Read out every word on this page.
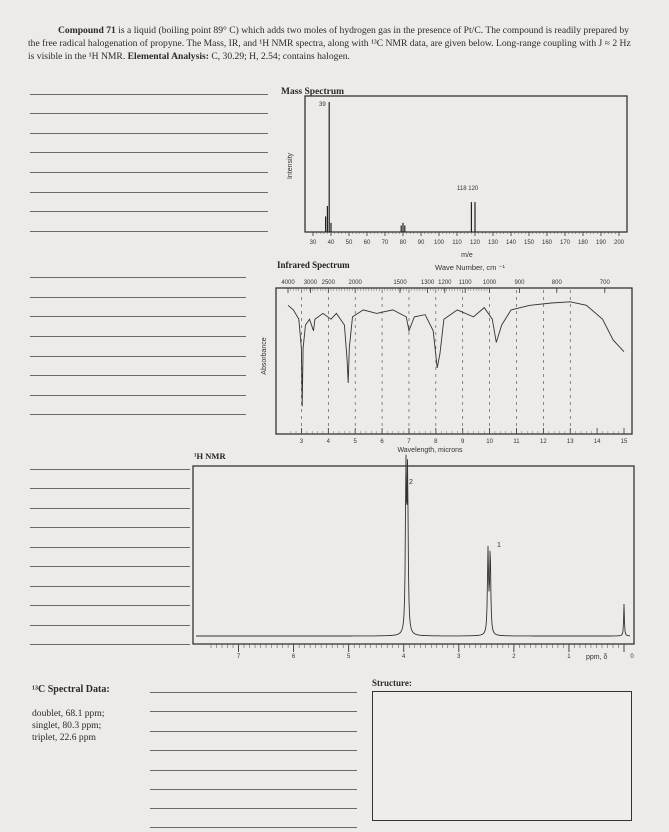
Compound 71 is a liquid (boiling point 89° C) which adds two moles of hydrogen gas in the presence of Pt/C. The compound is readily prepared by the free radical halogenation of propyne. The Mass, IR, and ¹H NMR spectra, along with ¹³C NMR data, are given below. Long-range coupling with J ≈ 2 Hz is visible in the ¹H NMR. Elemental Analysis: C, 30.29; H, 2.54; contains halogen.
Mass Spectrum
Intensity
30 40 50 60 70 80 90 100 110 120 130 140 150 160 170 180 190 200
39
118 120
m/e
Infrared Spectrum	Wave Number, cm ⁻¹
4000 3000 2500 2000	1500 1300 1200 1100 1000	900	800	700
Absorbance
3	4	5	6	7	8	9	10	11	12	13	14	15
Wavelength, microns
¹H NMR
2
1
7	6	5	4	3	2	1	0
ppm, δ
¹³C Spectral Data:
doublet, 68.1 ppm;
singlet, 80.3 ppm;
triplet, 22.6 ppm
Structure:
